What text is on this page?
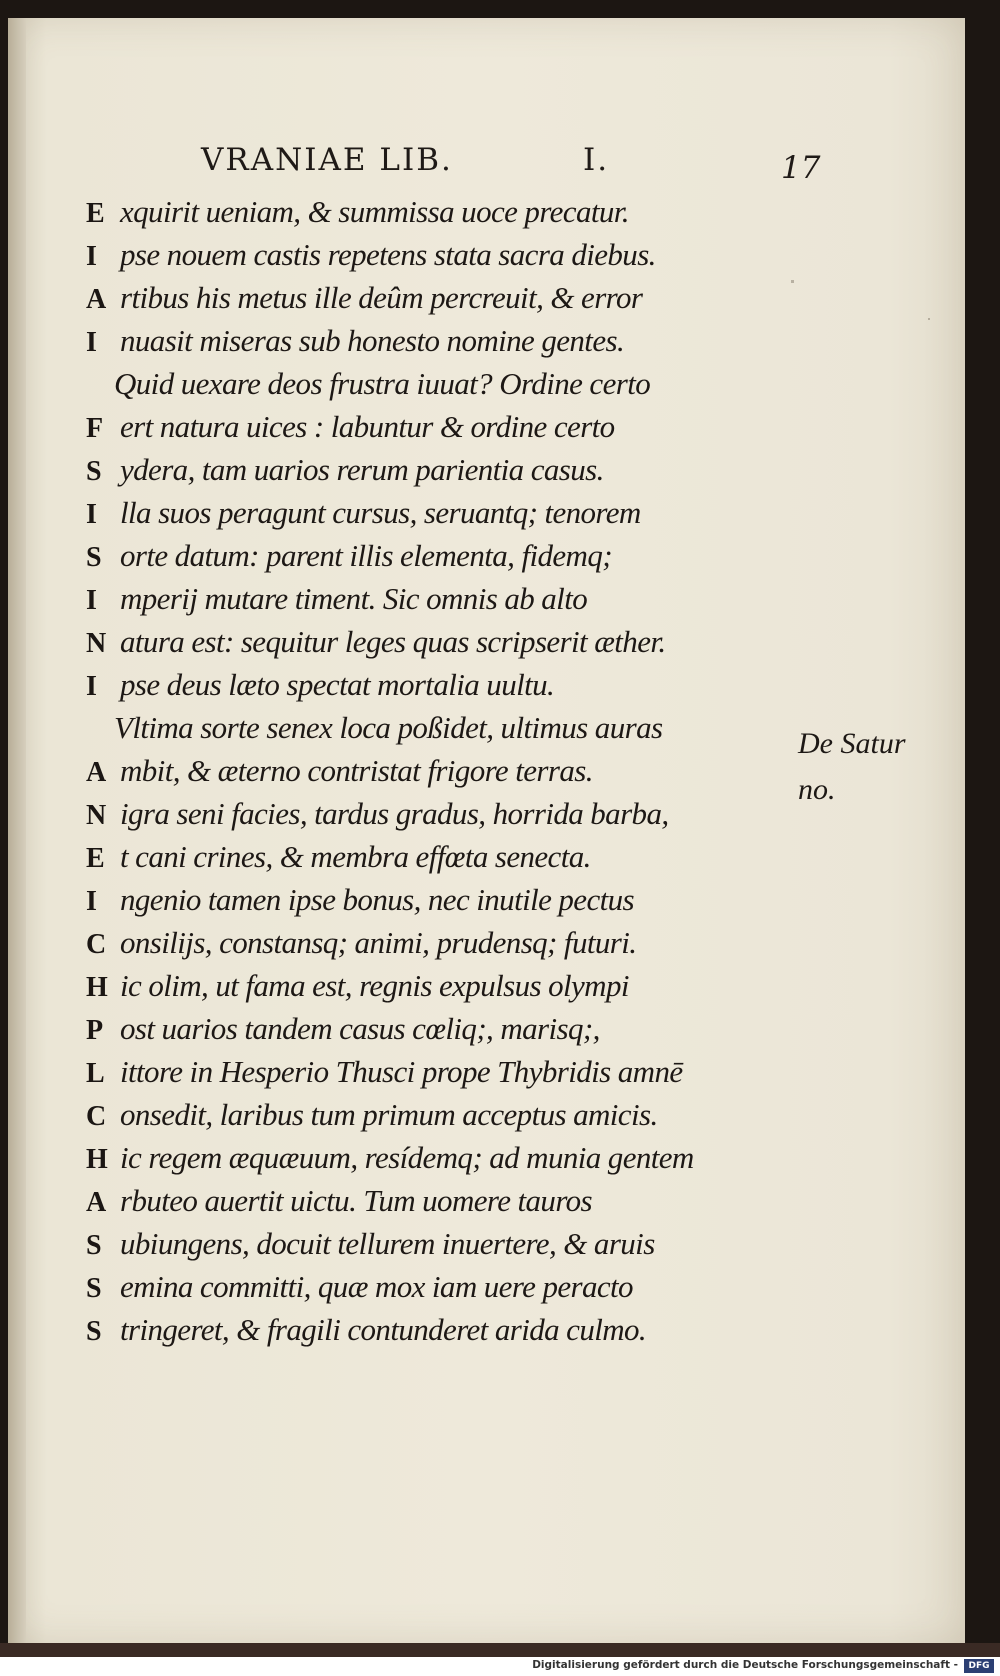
VRANIAE LIB.	I.	17
E xquirit ueniam, & summissa uoce precatur.
I pse nouem castis repetens stata sacra diebus.
A rtibus his metus ille deûm percreuit, & error
I nuasit miseras sub honesto nomine gentes.
Quid uexare deos frustra iuuat? Ordine certo
F ert natura uices : labuntur & ordine certo
S ydera, tam uarios rerum parientia casus.
I lla suos peragunt cursus, seruantq; tenorem
S orte datum: parent illis elementa, fidemq;
I mperij mutare timent. Sic omnis ab alto
N atura est: sequitur leges quas scripserit æther.
I pse deus læto spectat mortalia uultu.
Vltima sorte senex loca poßidet, ultimus auras
A mbit, & æterno contristat frigore terras.
N igra seni facies, tardus gradus, horrida barba,
E t cani crines, & membra effœta senecta.
I ngenio tamen ipse bonus, nec inutile pectus
C onsilijs, constansq; animi, prudensq; futuri.
H ic olim, ut fama est, regnis expulsus olympi
P ost uarios tandem casus cœliq;, marisq;,
L ittore in Hesperio Thusci prope Thybridis amnē
C onsedit, laribus tum primum acceptus amicis.
H ic regem æquæuum, resídemq; ad munia gentem
A rbuteo auertit uictu. Tum uomere tauros
S ubiungens, docuit tellurem inuertere, & aruis
S emina committi, quæ mox iam uere peracto
S tringeret, & fragili contunderet arida culmo.
De Satur
no.
Digitalisierung gefördert durch die Deutsche Forschungsgemeinschaft -	DFG
